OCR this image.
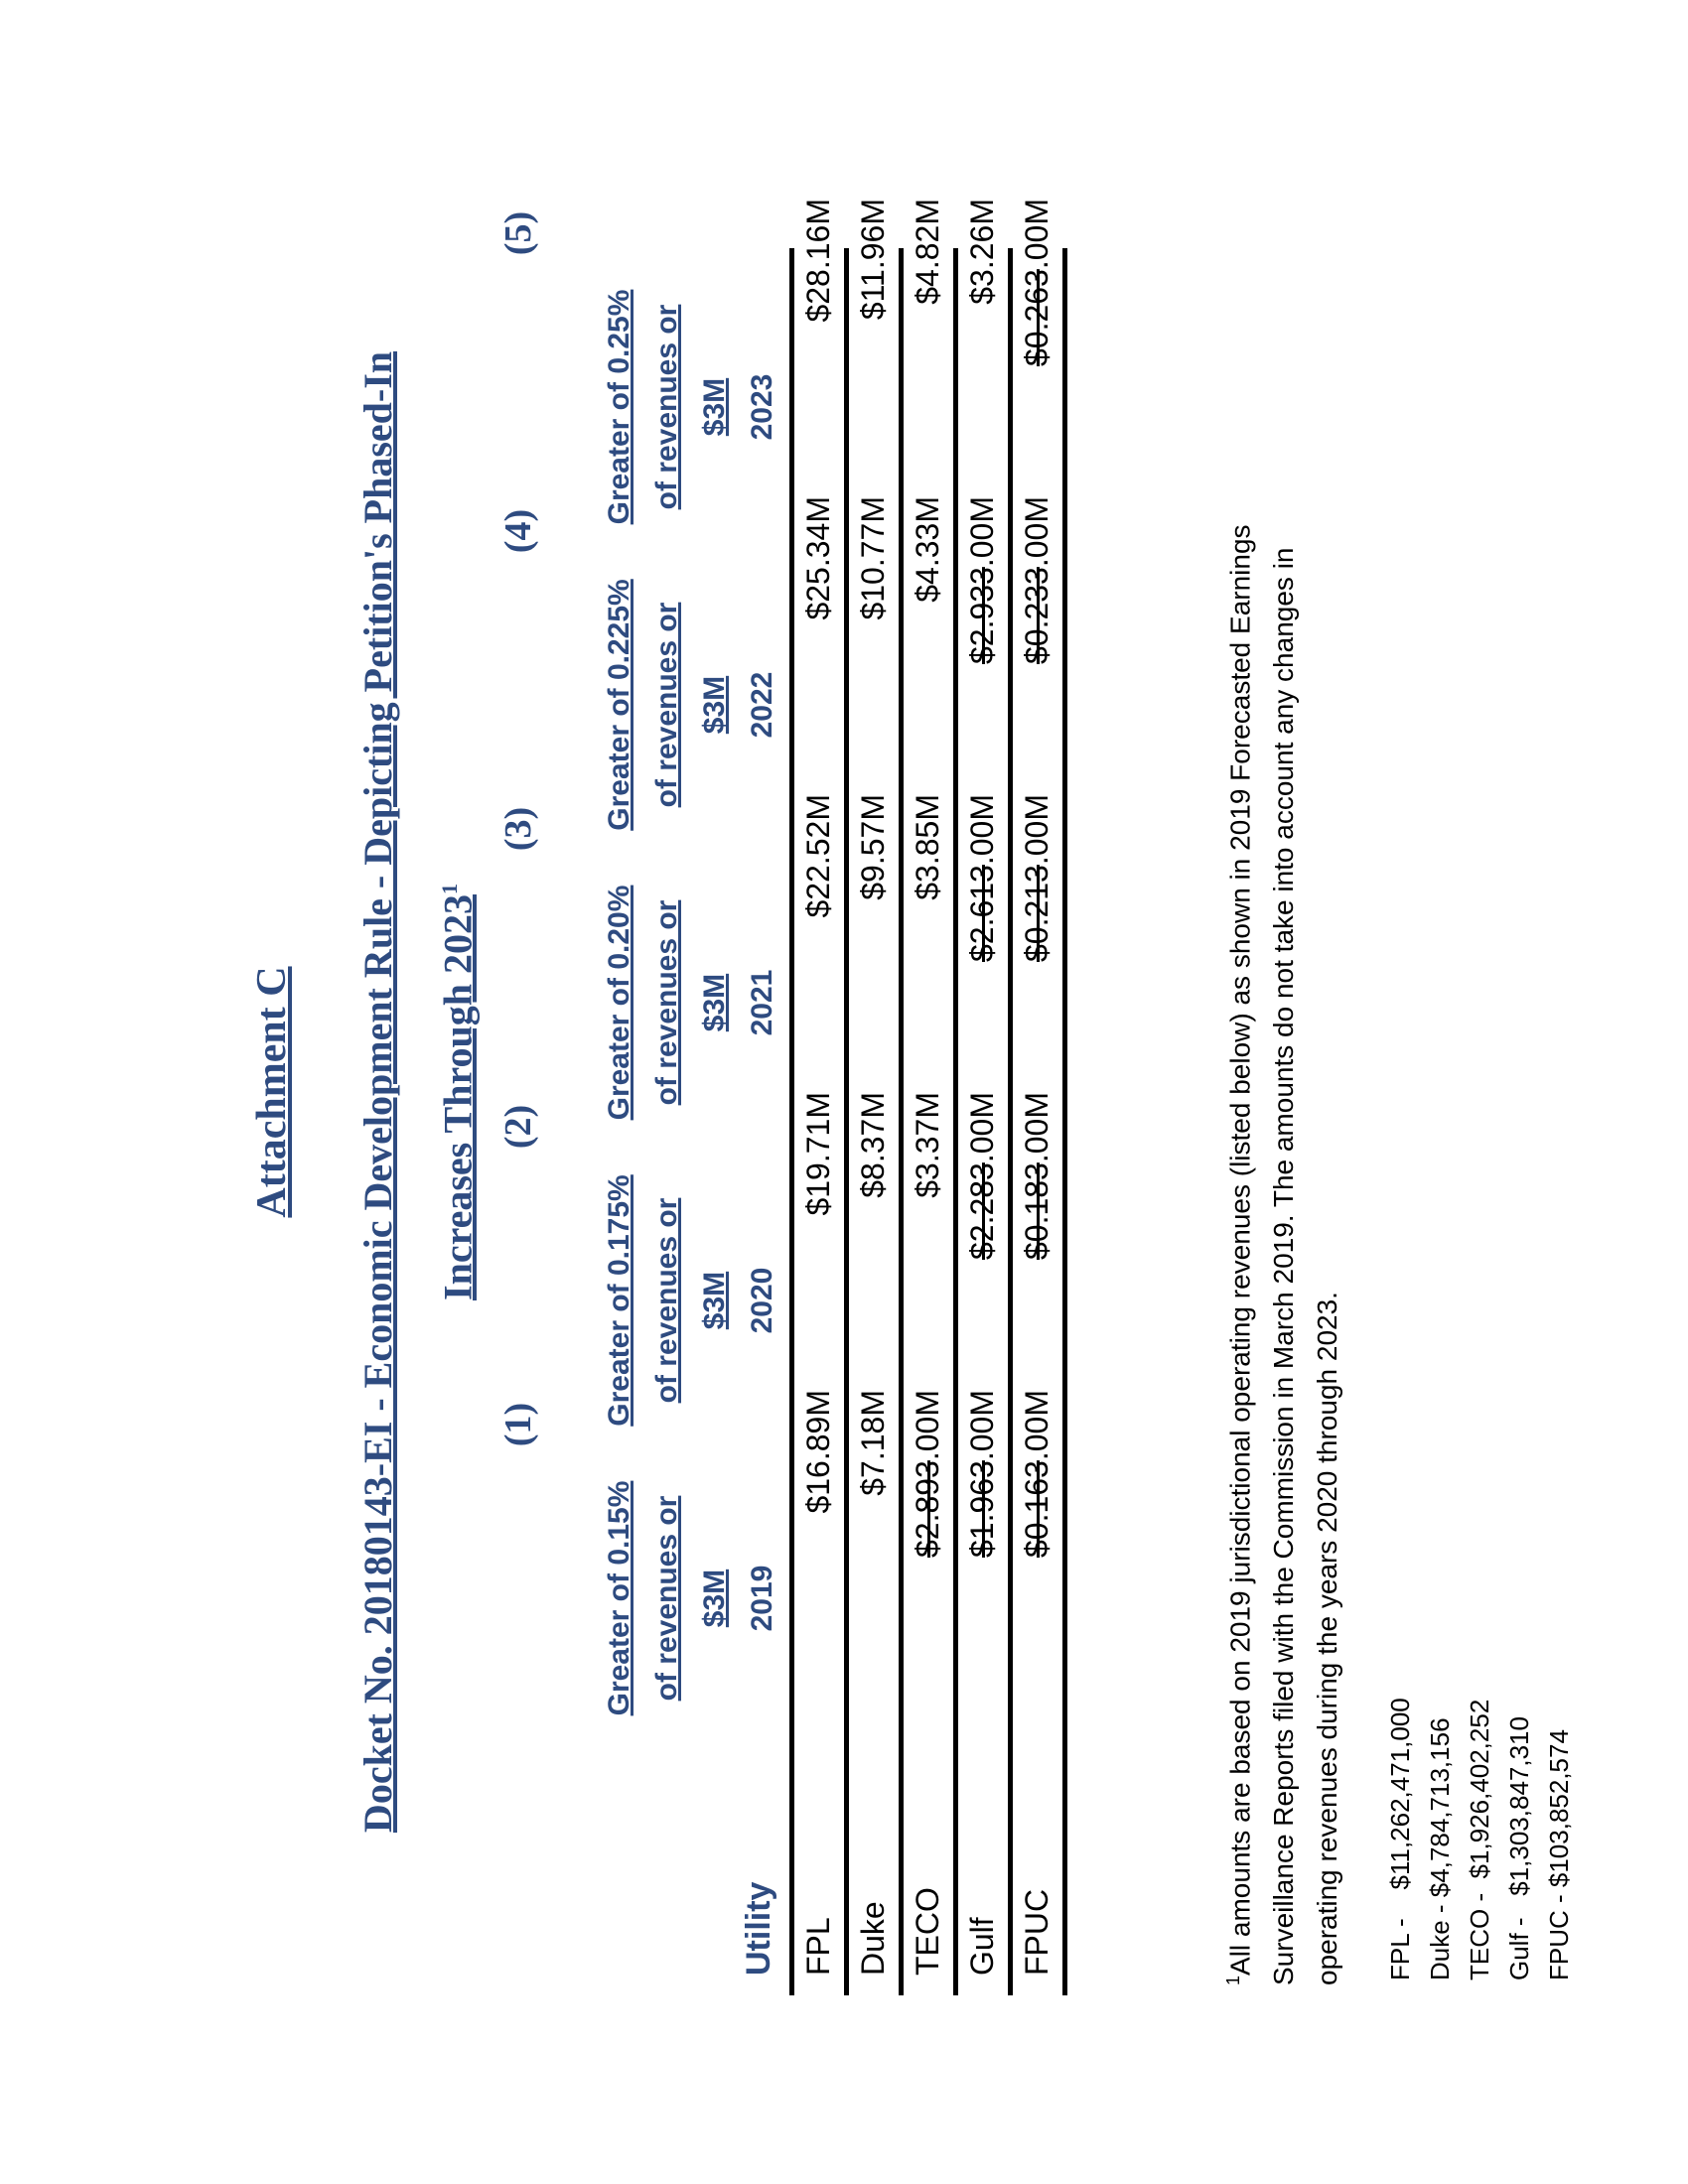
Attachment C	Docket No. 20180143-EI - Economic Development Rule - Depicting Petition's Phased-In Increases Through 2023$^1$
(1)
(2)
(3)
(4)
(5)
Greater of 0.15% of revenues or $3M 2019
Greater of 0.175% of revenues or $3M 2020
Greater of 0.20% of revenues or $3M 2021
Greater of 0.225% of revenues or $3M 2022
Greater of 0.25% of revenues or $3M 2023
Utility FPL
$16.89M
$19.71M
$22.52M
$25.34M
$28.16M
Duke
$7.18M
$8.37M
$9.57M
$10.77M
$11.96M
TECO
$2.893.00M
$3.37M
$3.85M
$4.33M
$4.82M
Gulf
$1.963.00M
$2.283.00M
$2.613.00M
$2.933.00M
$3.26M
FPUC
$0.163.00M
$0.183.00M
$0.213.00M
$0.233.00M
$0.263.00M
$^1$All amounts are based on 2019 jurisdictional operating revenues (listed below) as shown in 2019 Forecasted Earnings Surveillance Reports filed with the Commission in March 2019. The amounts do not take into account any changes in operating revenues during the years 2020 through 2023. FPL -    $11,262,471,000 Duke - $4,784,713,156 TECO -  $1,926,402,252 Gulf -   $1,303,847,310 FPUC - $103,852,574
